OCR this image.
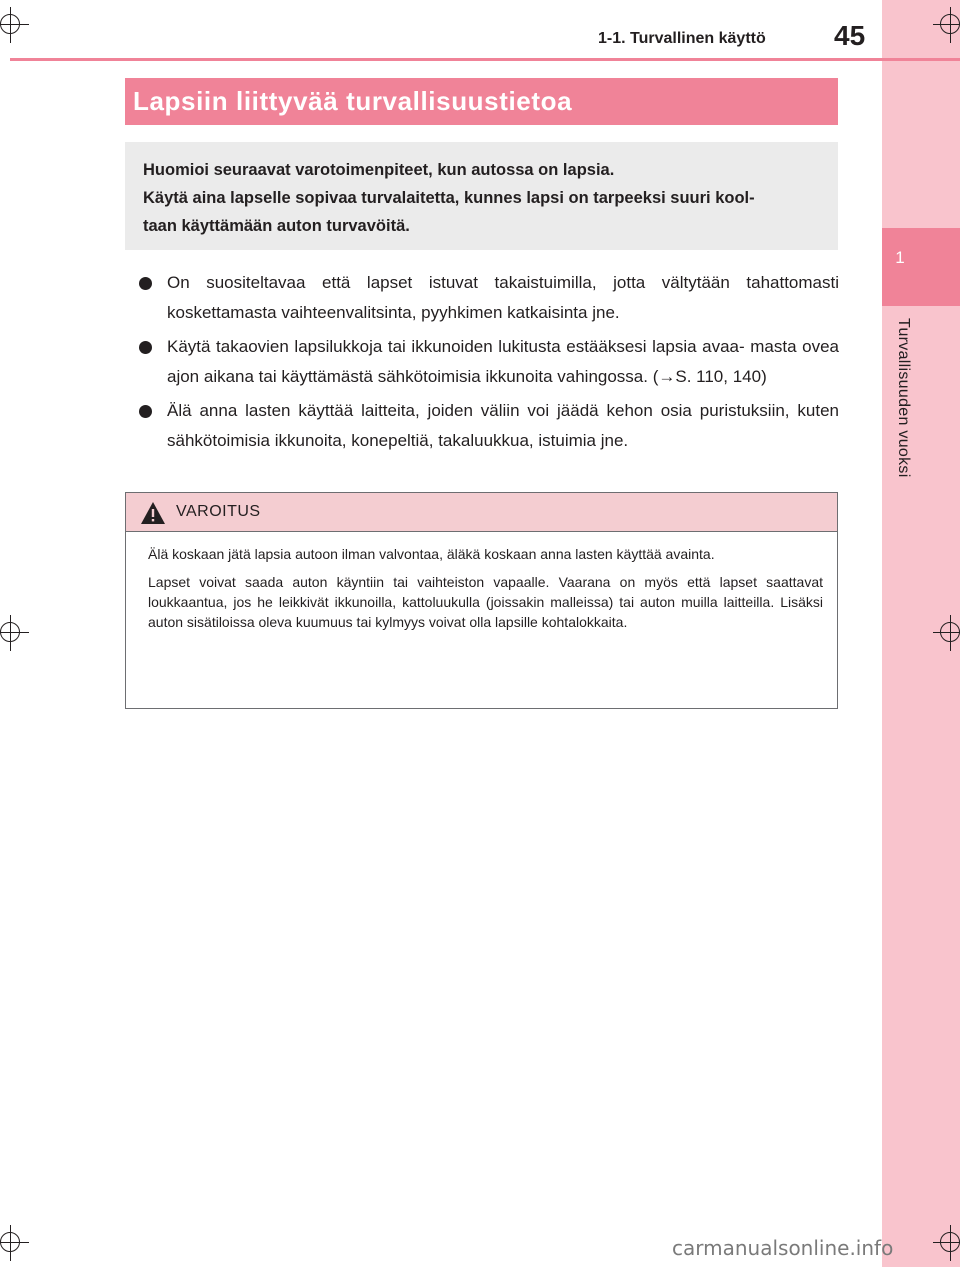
1
Turvallisuuden vuoksi
1-1. Turvallinen käyttö 45
Lapsiin liittyvää turvallisuustietoa
Huomioi seuraavat varotoimenpiteet, kun autossa on lapsia.
Käytä aina lapselle sopivaa turvalaitetta, kunnes lapsi on tarpeeksi suuri kool-
taan käyttämään auton turvavöitä.
On suositeltavaa että lapset istuvat takaistuimilla, jotta vältytään tahattomasti koskettamasta vaihteenvalitsinta, pyyhkimen katkaisinta jne.
Käytä takaovien lapsilukkoja tai ikkunoiden lukitusta estääksesi lapsia avaa- masta ovea ajon aikana tai käyttämästä sähkötoimisia ikkunoita vahingossa. (→S. 110, 140)
Älä anna lasten käyttää laitteita, joiden väliin voi jäädä kehon osia puristuksiin, kuten sähkötoimisia ikkunoita, konepeltiä, takaluukkua, istuimia jne.
VAROITUS

Älä koskaan jätä lapsia autoon ilman valvontaa, äläkä koskaan anna lasten käyttää avainta.

Lapset voivat saada auton käyntiin tai vaihteiston vapaalle. Vaarana on myös että lapset saattavat loukkaantua, jos he leikkivät ikkunoilla, kattoluukulla (joissakin malleissa) tai auton muilla laitteilla. Lisäksi auton sisätiloissa oleva kuumuus tai kylmyys voivat olla lapsille kohtalokkaita.

carmanualsonline.info
